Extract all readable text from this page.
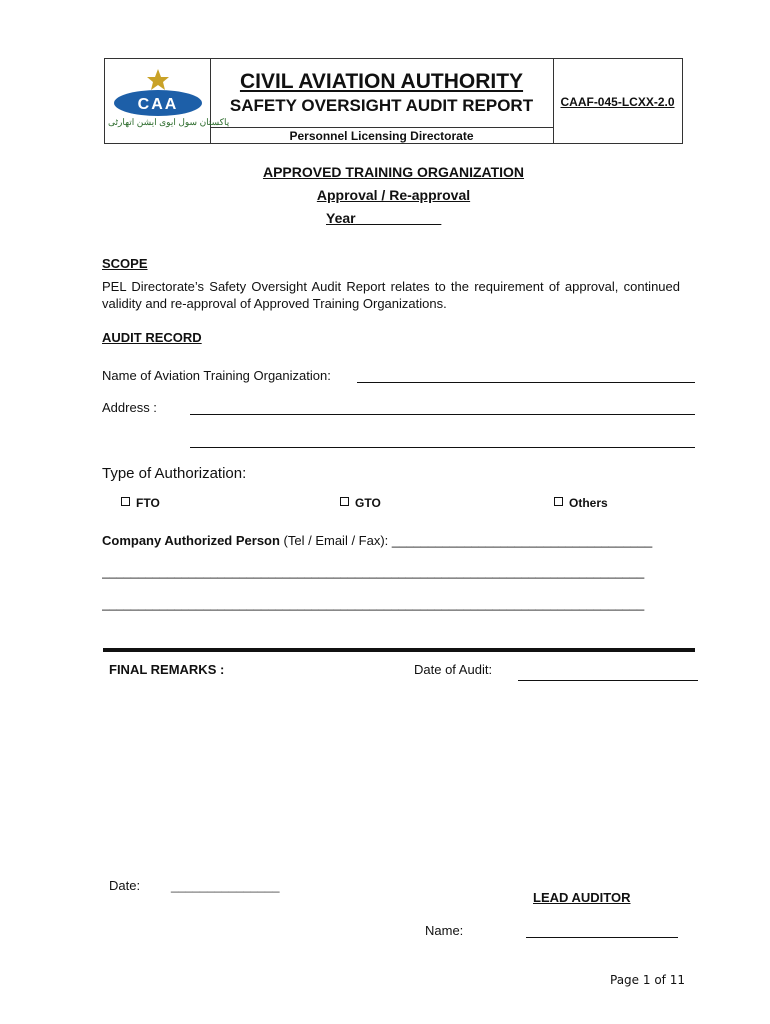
CAA
پاکستان سول ایوی ایشن اتھارٹی
CIVIL AVIATION AUTHORITY
SAFETY OVERSIGHT AUDIT REPORT	CAAF-045-LCXX-2.0
Personnel Licensing Directorate
APPROVED TRAINING ORGANIZATION
Approval / Re-approval
Year___________
SCOPE
PEL Directorate’s Safety Oversight Audit Report relates to the requirement of approval, continued validity and re-approval of Approved Training Organizations.
AUDIT RECORD
Name of Aviation Training Organization:
Address :
Type of Authorization:
FTO	GTO	Others
Company Authorized Person (Tel / Email / Fax): ____________________________________
___________________________________________________________________________
___________________________________________________________________________
FINAL REMARKS :	Date of Audit:
Date: _______________
LEAD AUDITOR
Name:
Page 1 of 11
